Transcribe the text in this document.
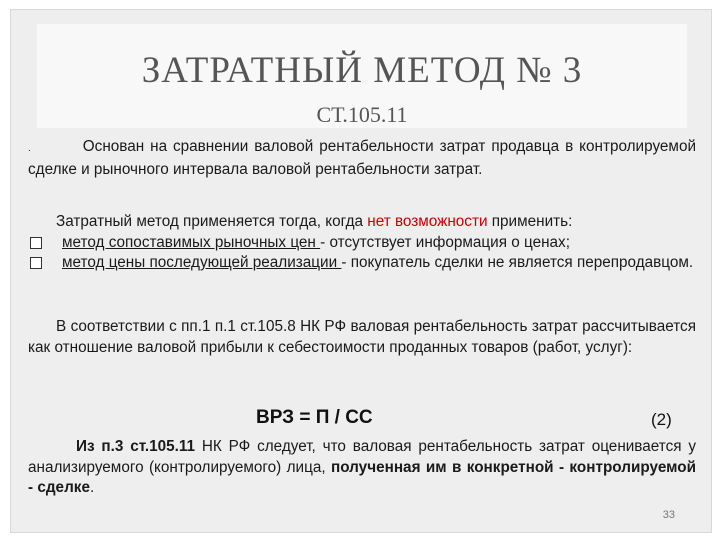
ЗАТРАТНЫЙ МЕТОД № 3
СТ.105.11
.	Основан на сравнении валовой рентабельности затрат продавца в контролируемой сделке и рыночного интервала валовой рентабельности затрат.
Затратный метод применяется тогда, когда нет возможности применить:
метод сопоставимых рыночных цен - отсутствует информация о ценах;
метод цены последующей реализации - покупатель сделки не является перепродавцом.
В соответствии с пп.1 п.1 ст.105.8 НК РФ валовая рентабельность затрат рассчитывается как отношение валовой прибыли к себестоимости проданных товаров (работ, услуг):
ВРЗ = П / СС	(2)
Из п.3 ст.105.11 НК РФ следует, что валовая рентабельность затрат оценивается у анализируемого (контролируемого) лица, полученная им в конкретной - контролируемой - сделке.
33
